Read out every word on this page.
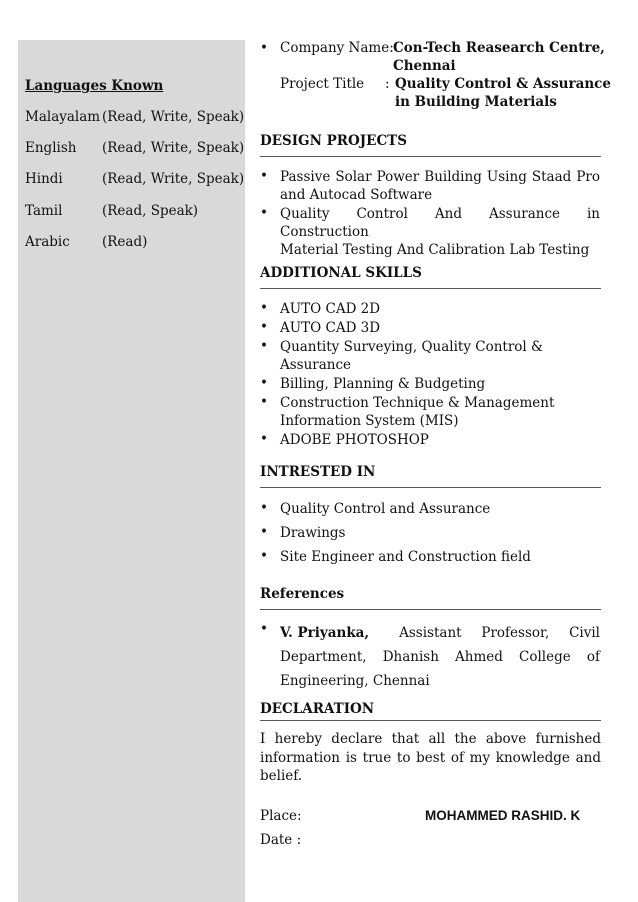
Languages Known
Malayalam (Read, Write, Speak)
English (Read, Write, Speak)
Hindi	(Read, Write, Speak)
Tamil	(Read, Speak)
Arabic (Read)
• Company Name: Con-Tech Reasearch Centre,
Chennai
Project Title : Quality Control & Assurance
in Building Materials
DESIGN PROJECTS
• Passive Solar Power Building Using Staad Pro
and Autocad Software
• Quality Control And Assurance in Construction
Material Testing And Calibration Lab Testing
ADDITIONAL SKILLS
• AUTO CAD 2D
• AUTO CAD 3D
• Quantity Surveying, Quality Control &
Assurance
• Billing, Planning & Budgeting
• Construction Technique & Management
Information System (MIS)
• ADOBE PHOTOSHOP
INTRESTED IN
• Quality Control and Assurance
• Drawings
• Site Engineer and Construction field
References
• V. Priyanka, Assistant Professor, Civil
Department, Dhanish Ahmed College of
Engineering, Chennai
DECLARATION
I hereby declare that all the above furnished
information is true to best of my knowledge and
belief.
Place:	MOHAMMED RASHID. K
Date :
